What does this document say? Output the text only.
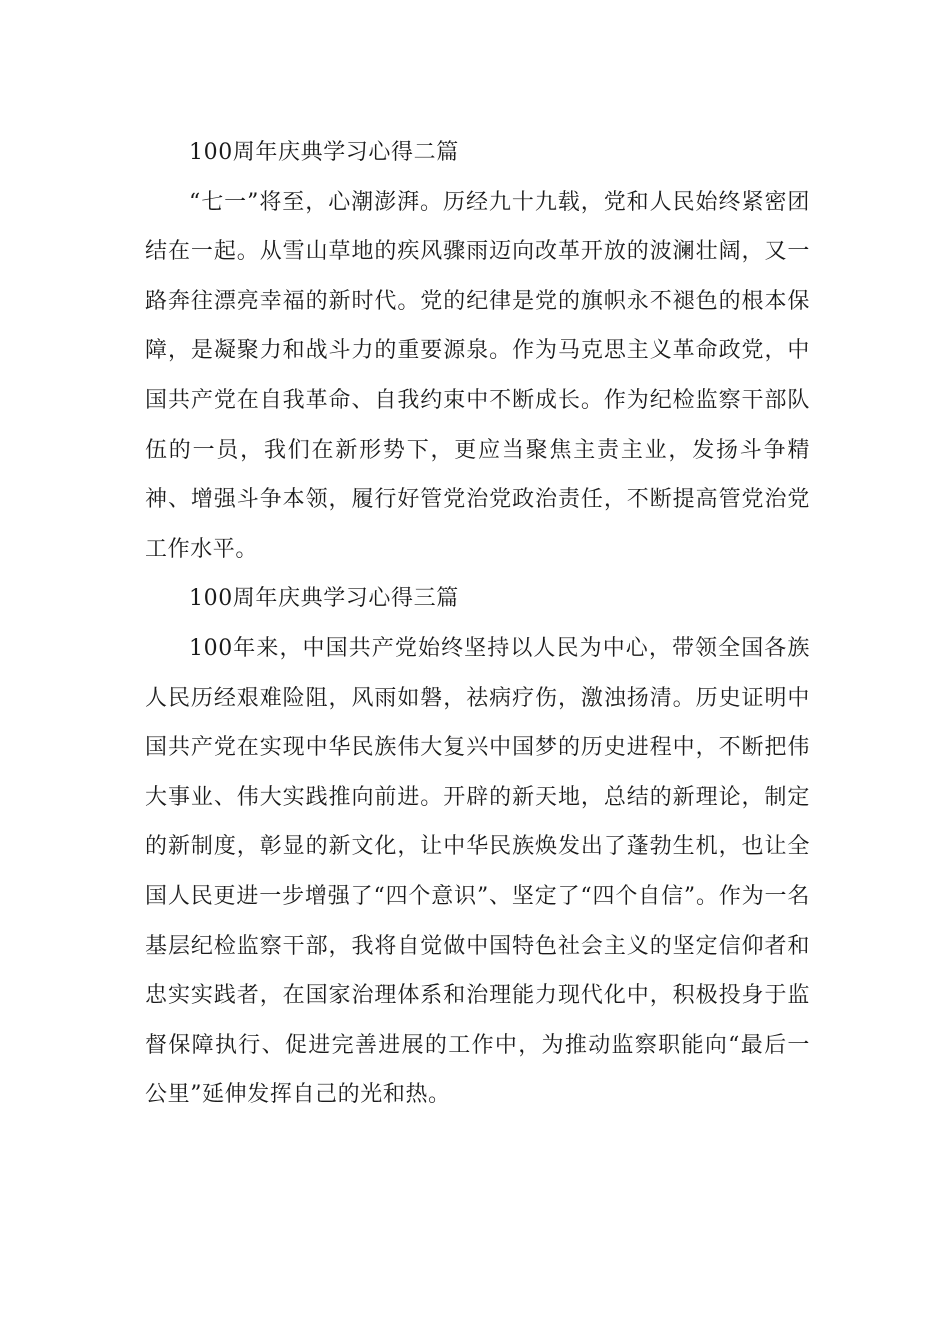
100周年庆典学习心得二篇

“七一”将至，心潮澎湃。历经九十九载，党和人民始终紧密团结在一起。从雪山草地的疾风骤雨迈向改革开放的波澜壮阔，又一路奔往漂亮幸福的新时代。党的纪律是党的旗帜永不褪色的根本保障，是凝聚力和战斗力的重要源泉。作为马克思主义革命政党，中国共产党在自我革命、自我约束中不断成长。作为纪检监察干部队伍的一员，我们在新形势下，更应当聚焦主责主业，发扬斗争精神、增强斗争本领，履行好管党治党政治责任，不断提高管党治党工作水平。

100周年庆典学习心得三篇

100年来，中国共产党始终坚持以人民为中心，带领全国各族人民历经艰难险阻，风雨如磐，祛病疗伤，激浊扬清。历史证明中国共产党在实现中华民族伟大复兴中国梦的历史进程中，不断把伟大事业、伟大实践推向前进。开辟的新天地，总结的新理论，制定的新制度，彰显的新文化，让中华民族焕发出了蓬勃生机，也让全国人民更进一步增强了“四个意识”、坚定了“四个自信”。作为一名基层纪检监察干部，我将自觉做中国特色社会主义的坚定信仰者和忠实实践者，在国家治理体系和治理能力现代化中，积极投身于监督保障执行、促进完善进展的工作中，为推动监察职能向“最后一公里”延伸发挥自己的光和热。
